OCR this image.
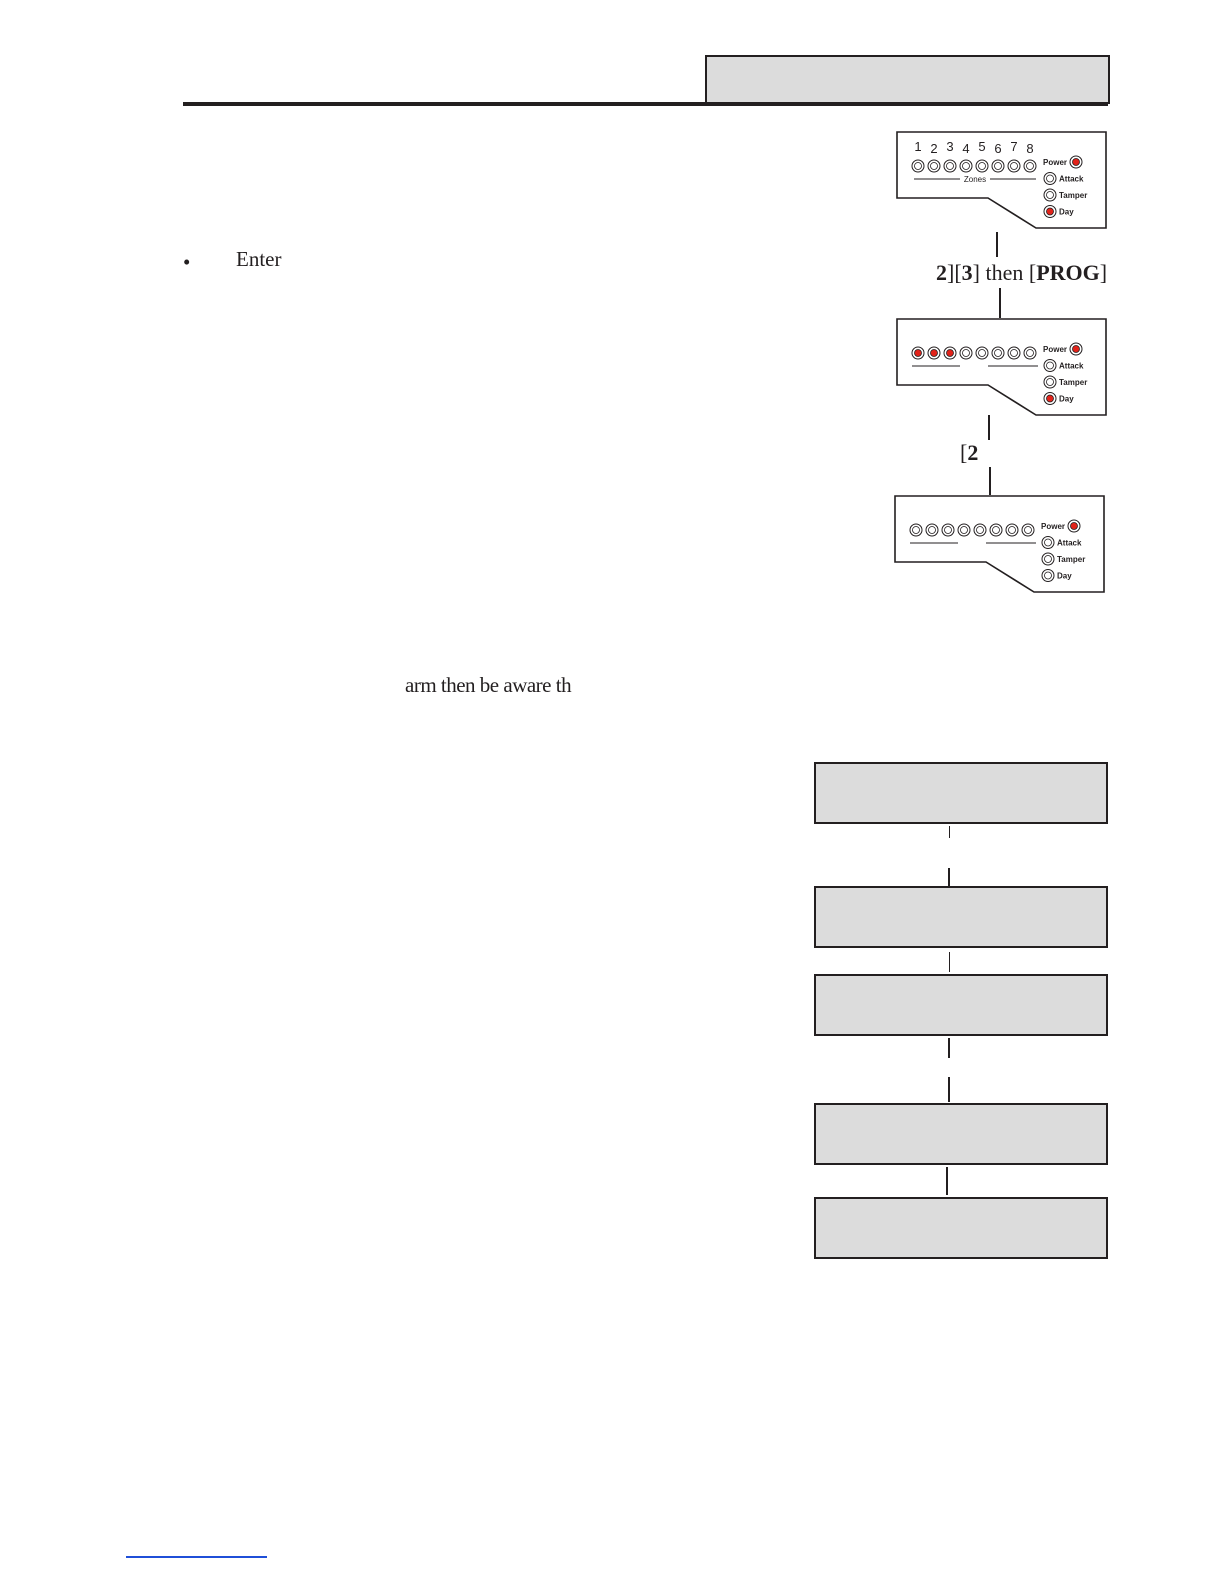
• Enter
arm then be aware th
1 2 3 4 5 6 7 8
Zones
Power
Attack
Tamper
Day
2][3] then [PROG]
Power
Attack
Tamper
Day
[2
Power
Attack
Tamper
Day
